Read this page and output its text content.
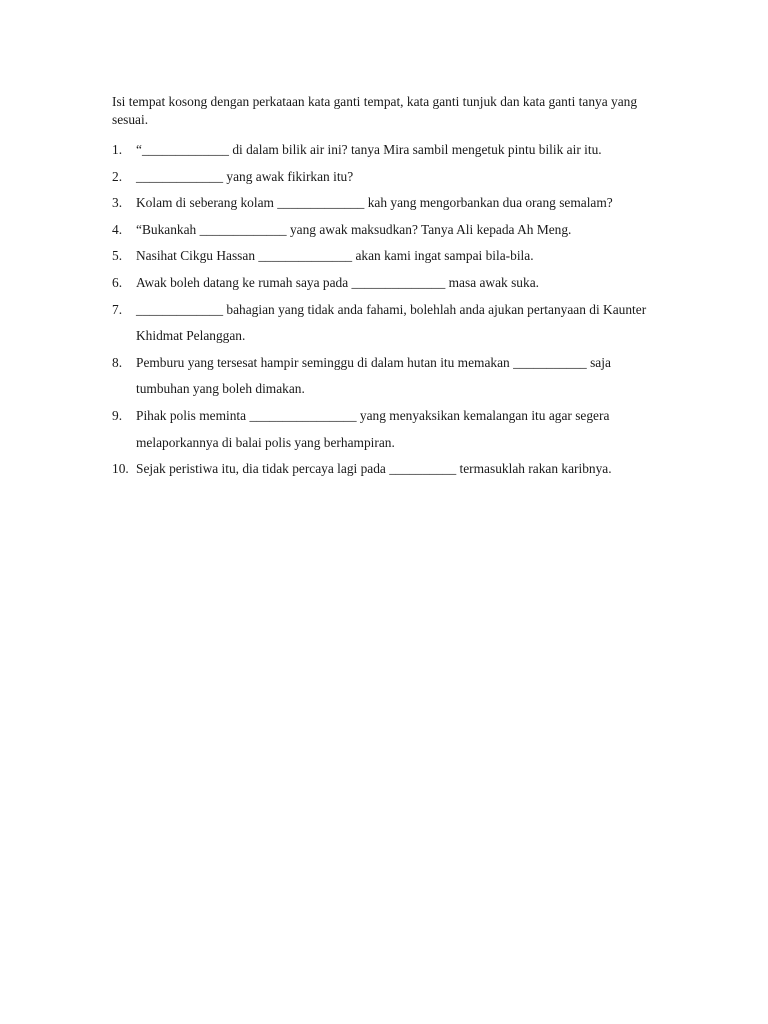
Isi tempat kosong dengan perkataan kata ganti tempat, kata ganti tunjuk dan kata ganti tanya yang sesuai.

1. “_____________ di dalam bilik air ini? tanya Mira sambil mengetuk pintu bilik air itu.
2. _____________ yang awak fikirkan itu?
3. Kolam di seberang kolam _____________ kah yang mengorbankan dua orang semalam?
4. “Bukankah _____________ yang awak maksudkan? Tanya Ali kepada Ah Meng.
5. Nasihat Cikgu Hassan ______________ akan kami ingat sampai bila-bila.
6. Awak boleh datang ke rumah saya pada ______________ masa awak suka.
7. _____________ bahagian yang tidak anda fahami, bolehlah anda ajukan pertanyaan di Kaunter Khidmat Pelanggan.
8. Pemburu yang tersesat hampir seminggu di dalam hutan itu memakan ___________ saja tumbuhan yang boleh dimakan.
9. Pihak polis meminta ________________ yang menyaksikan kemalangan itu agar segera melaporkannya di balai polis yang berhampiran.
10. Sejak peristiwa itu, dia tidak percaya lagi pada __________ termasuklah rakan karibnya.
